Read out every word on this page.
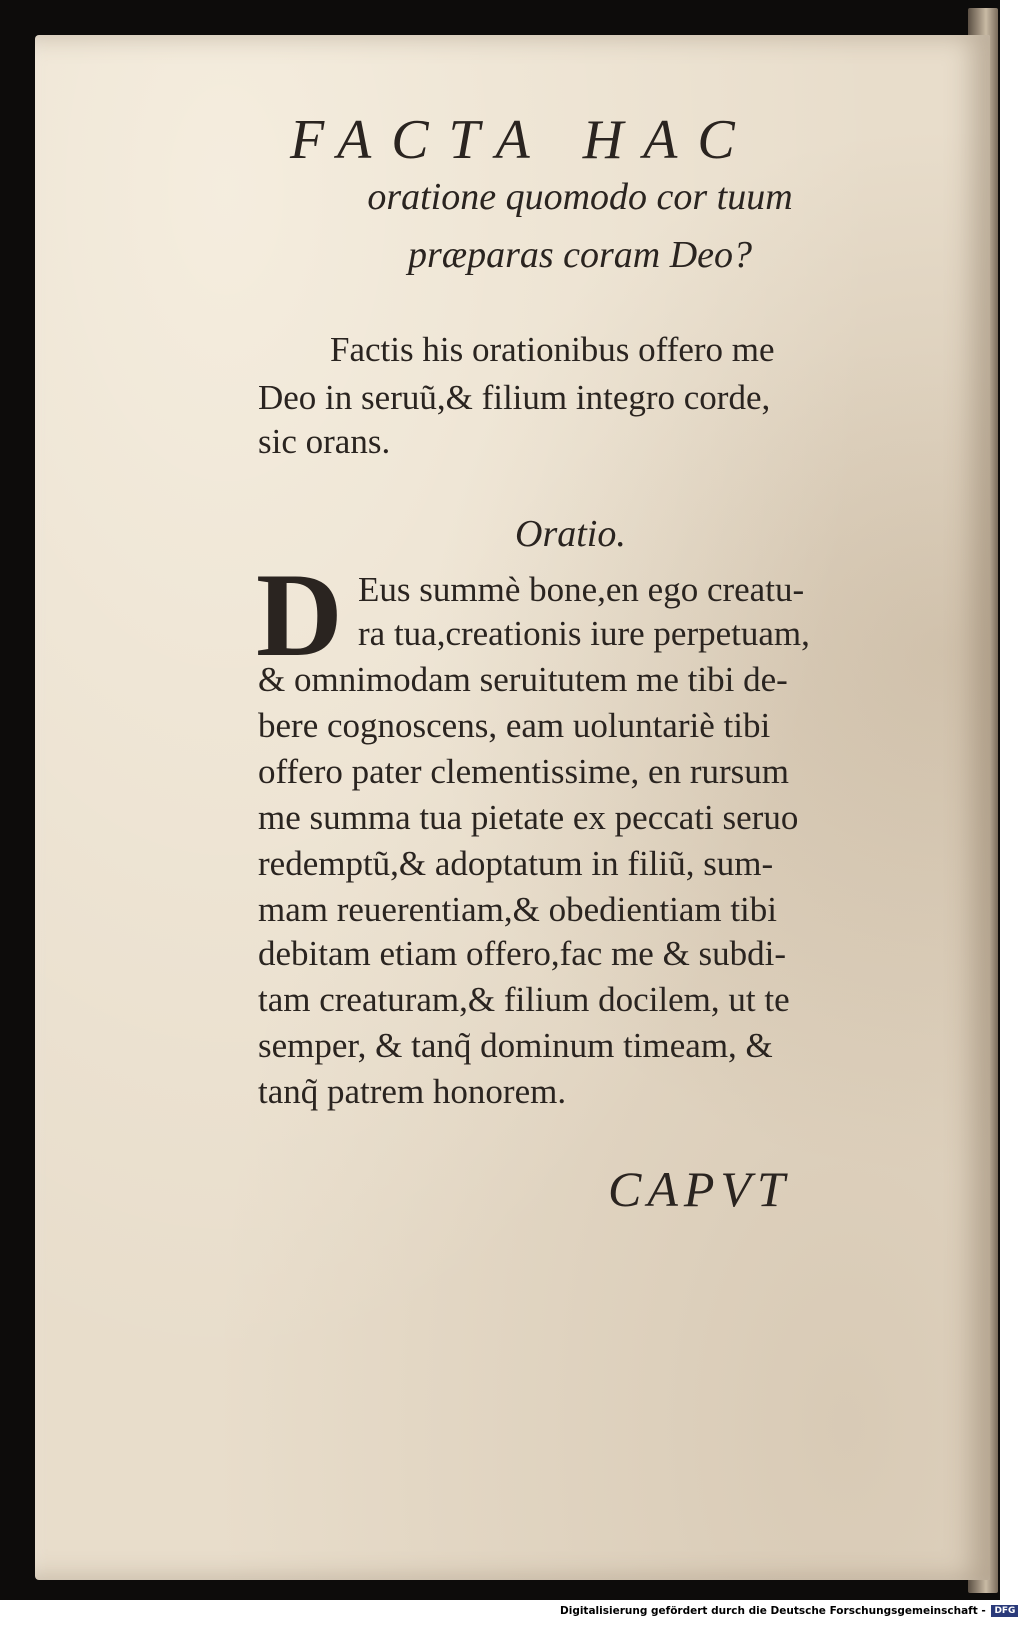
FACTA HAC
oratione quomodo cor tuum
præparas coram Deo?
Factis his orationibus offero me
Deo in seruũ,& filium integro corde,
sic orans.
Oratio.
D Eus summè bone,en ego creatu-
ra tua,creationis iure perpetuam,
& omnimodam seruitutem me tibi de-
bere cognoscens, eam uoluntariè tibi
offero pater clementissime, en rursum
me summa tua pietate ex peccati seruo
redemptũ,& adoptatum in filiũ, sum-
mam reuerentiam,& obedientiam tibi
debitam etiam offero,fac me & subdi-
tam creaturam,& filium docilem, ut te
semper, & tanq̃ dominum timeam, &
tanq̃ patrem honorem.
CAPVT
Digitalisierung gefördert durch die Deutsche Forschungsgemeinschaft - DFG
